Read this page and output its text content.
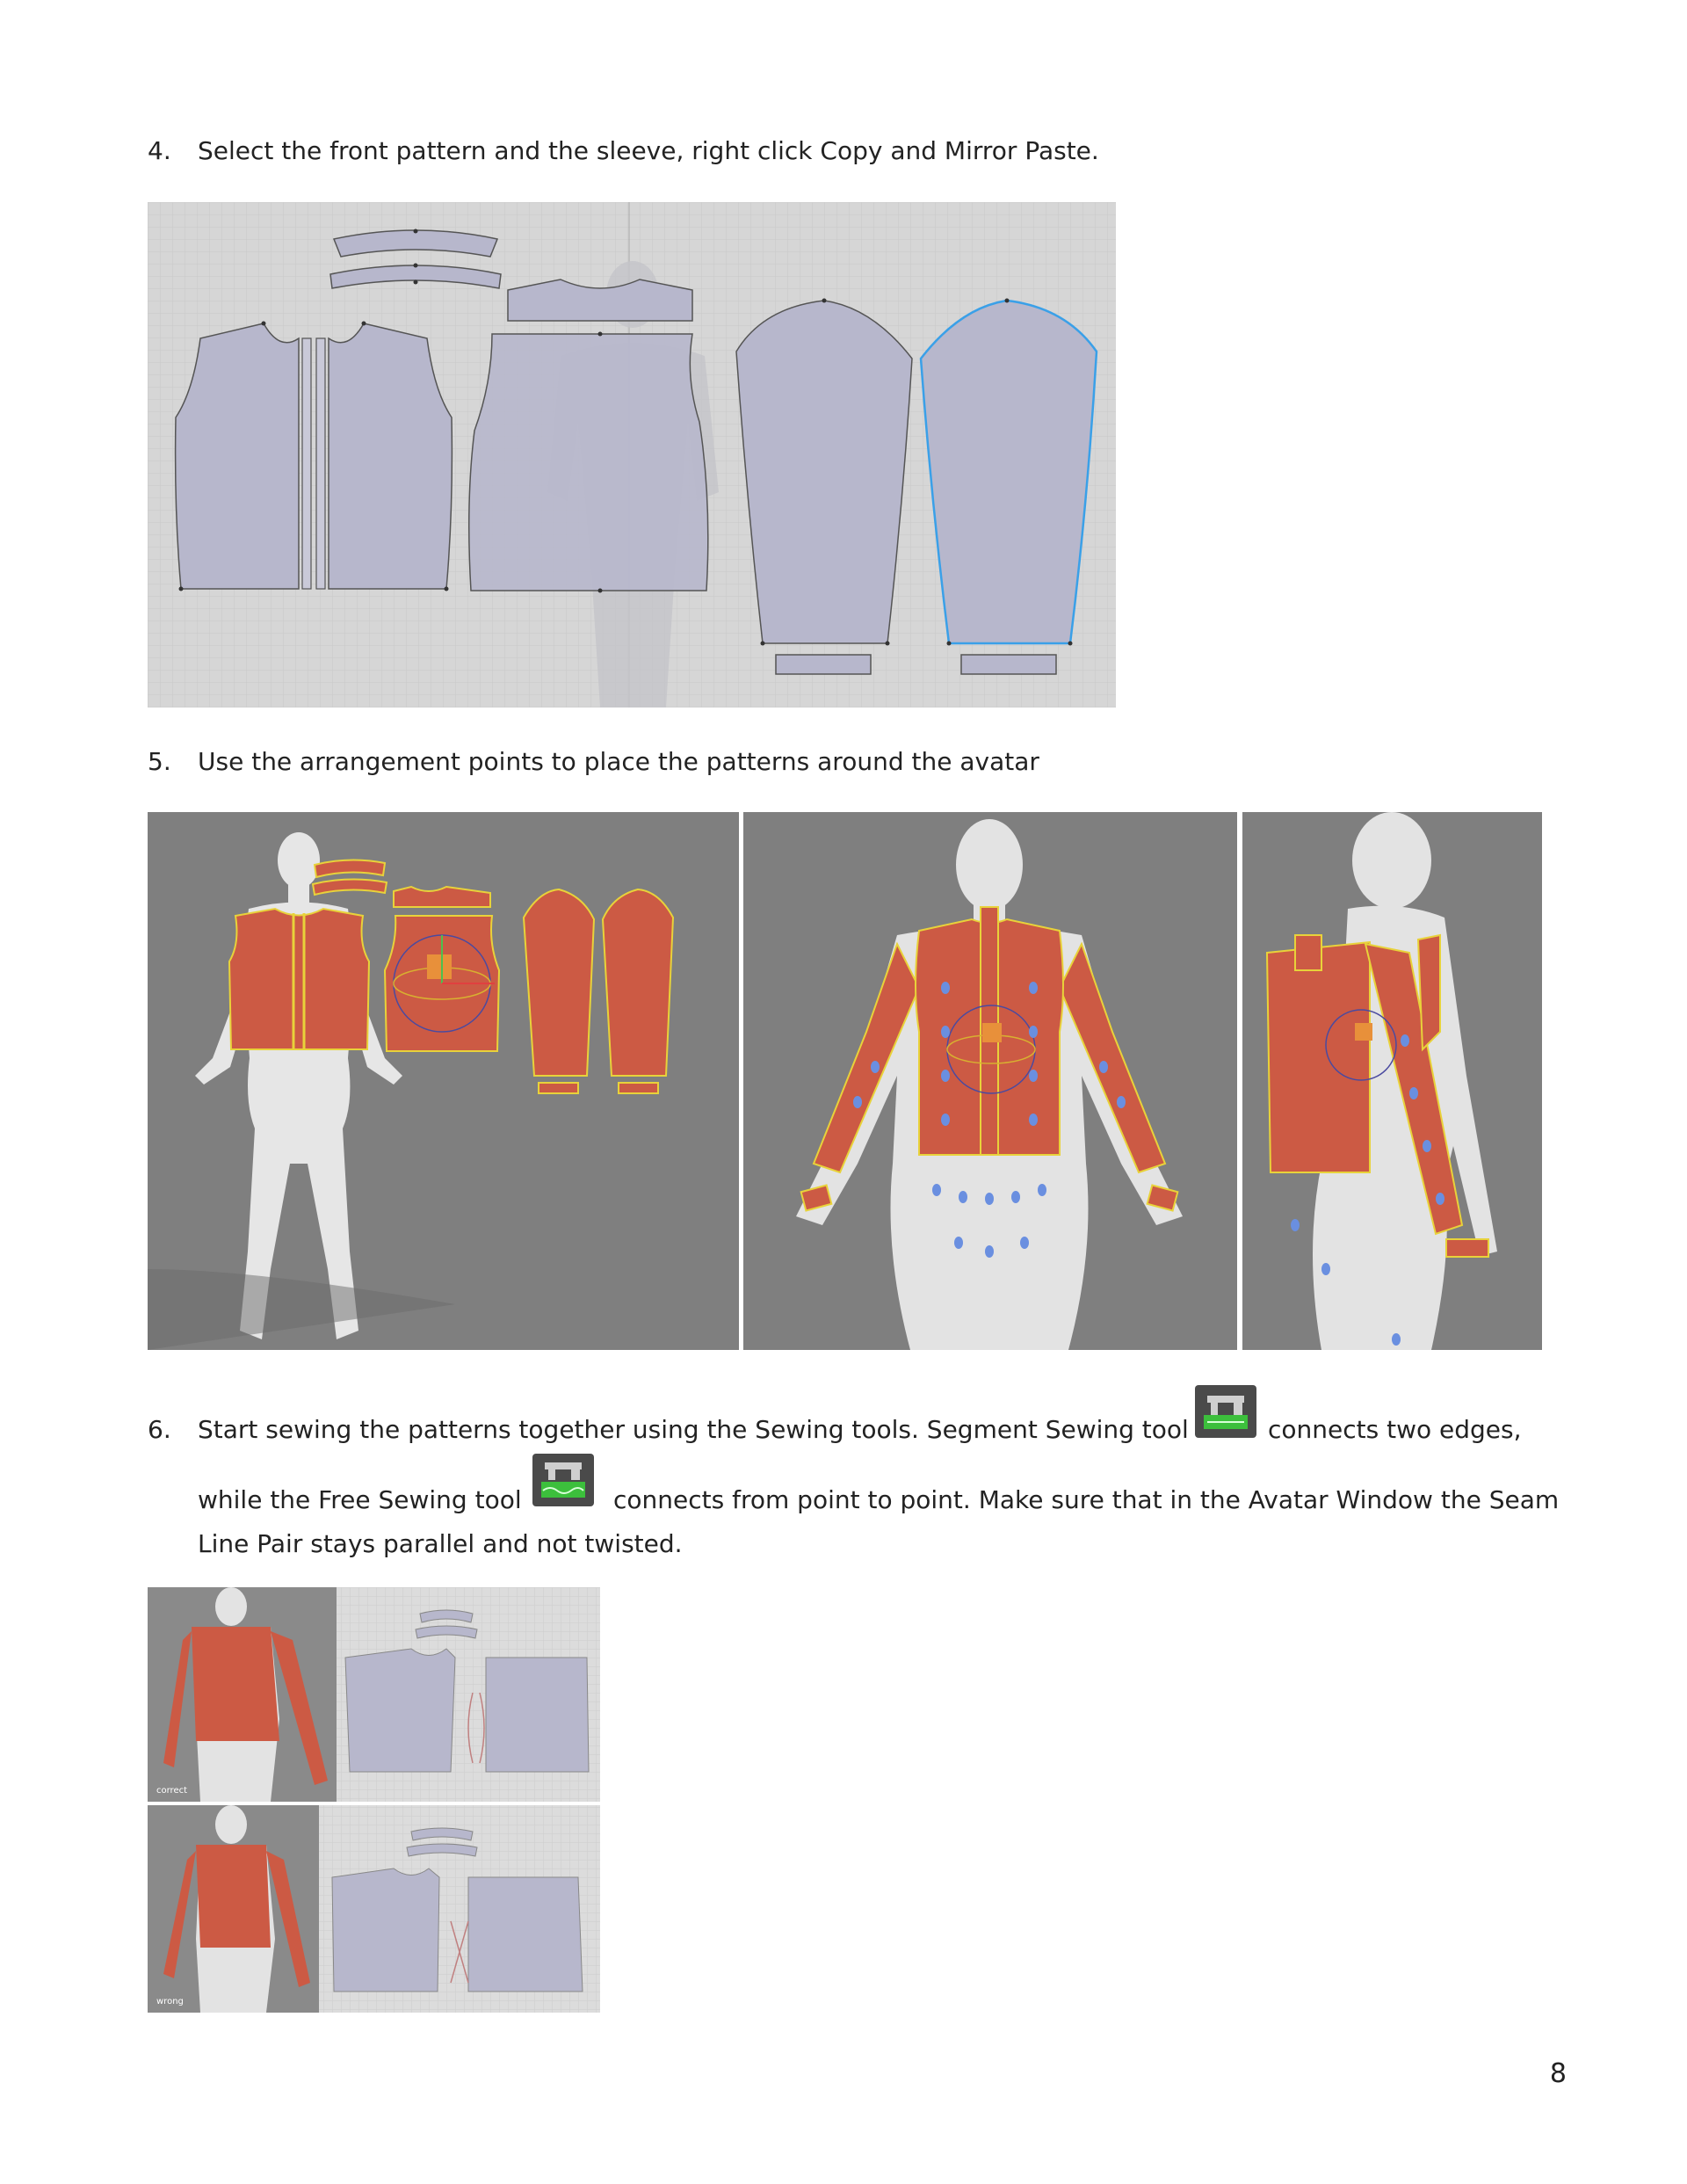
4. Select the front pattern and the sleeve, right click Copy and Mirror Paste.
5. Use the arrangement points to place the patterns around the avatar
6. Start sewing the patterns together using the Sewing tools. Segment Sewing tool	connects two edges,
while the Free Sewing tool	connects from point to point. Make sure that in the Avatar Window the Seam
Line Pair stays parallel and not twisted.
correct
wrong
8
